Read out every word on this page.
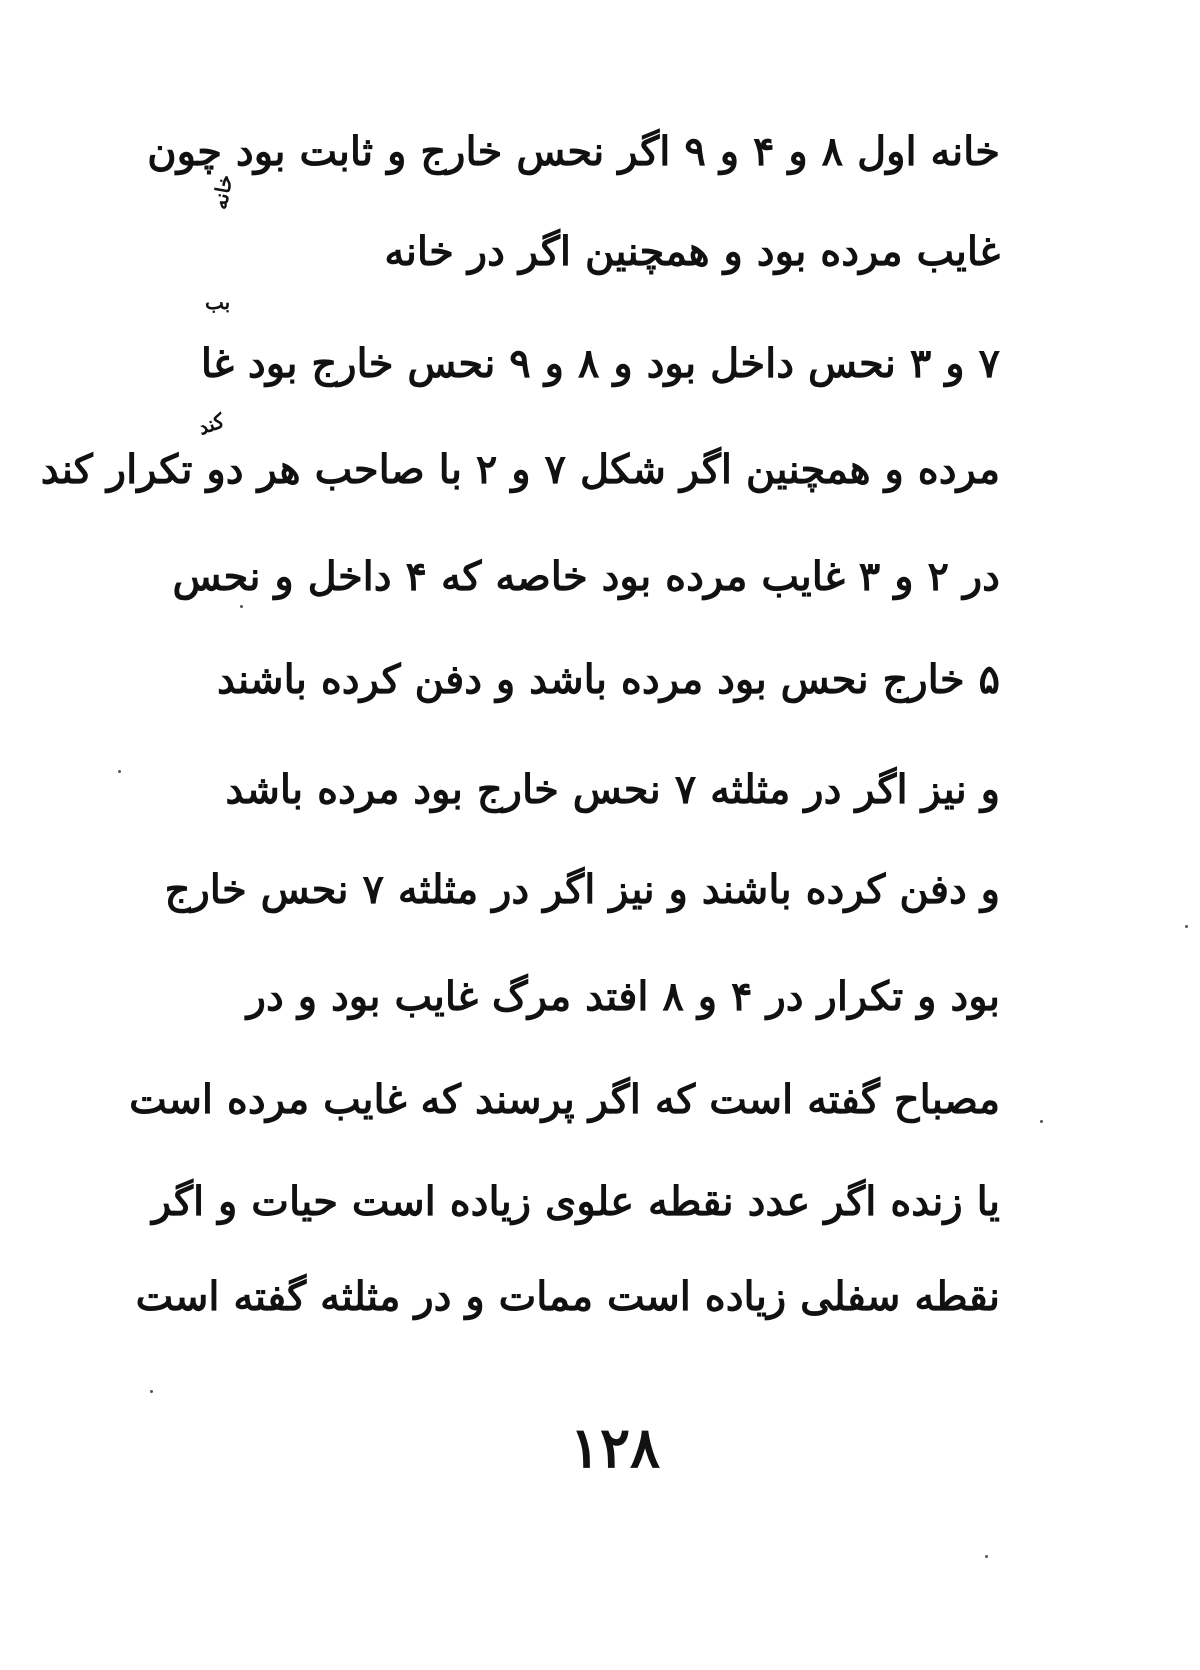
خانه اول ۸ و ۴ و ۹ اگر نحس خارج و ثابت بود چون
غایب مرده بود و همچنین اگر در خانه
۷ و ۳ نحس داخل بود و ۸ و ۹ نحس خارج بود غا
مرده و همچنین اگر شکل ۷ و ۲ با صاحب هر دو تکرار کند
در ۲ و ۳ غایب مرده بود خاصه که ۴ داخل و نحس
۵ خارج نحس بود مرده باشد و دفن کرده باشند
و نیز اگر در مثلثه ۷ نحس خارج بود مرده باشد
و دفن کرده باشند و نیز اگر در مثلثه ۷ نحس خارج
بود و تکرار در ۴ و ۸ افتد مرگ غایب بود و در
مصباح گفته است که اگر پرسند که غایب مرده است
یا زنده اگر عدد نقطه علوی زیاده است حیات و اگر
نقطه سفلی زیاده است ممات و در مثلثه گفته است
خانه
بب
کند
۱۲۸
